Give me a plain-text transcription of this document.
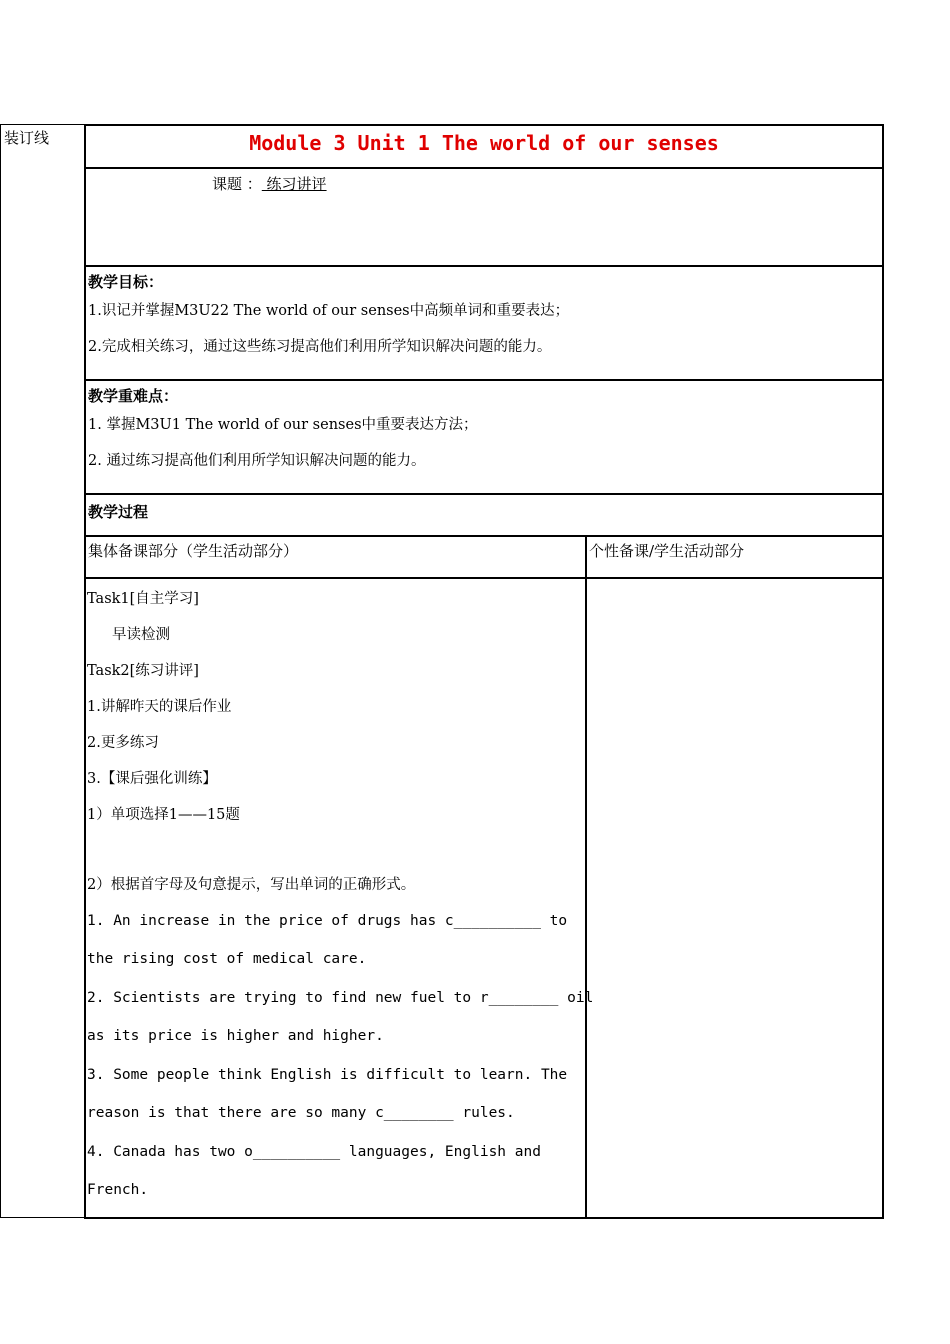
装订线	Module 3 Unit 1 The world of our senses
课题 ： 练习讲评
教学目标：
1.识记并掌握M3U22 The world of our senses中高频单词和重要表达；
2.完成相关练习，通过这些练习提高他们利用所学知识解决问题的能力。
教学重难点：
1. 掌握M3U1 The world of our senses中重要表达方法；
2. 通过练习提高他们利用所学知识解决问题的能力。
教学过程
集体备课部分（学生活动部分）	个性备课/学生活动部分
Task1[自主学习]
早读检测
Task2[练习讲评]
1.讲解昨天的课后作业
2.更多练习
3.【课后强化训练】
1）单项选择1——15题
2）根据首字母及句意提示，写出单词的正确形式。
1. An increase in the price of drugs has c__________ to
the rising cost of medical care.
2. Scientists are trying to find new fuel to r________ oil
as its price is higher and higher.
3. Some people think English is difficult to learn. The
reason is that there are so many c________ rules.
4. Canada has two o__________ languages, English and
French.
